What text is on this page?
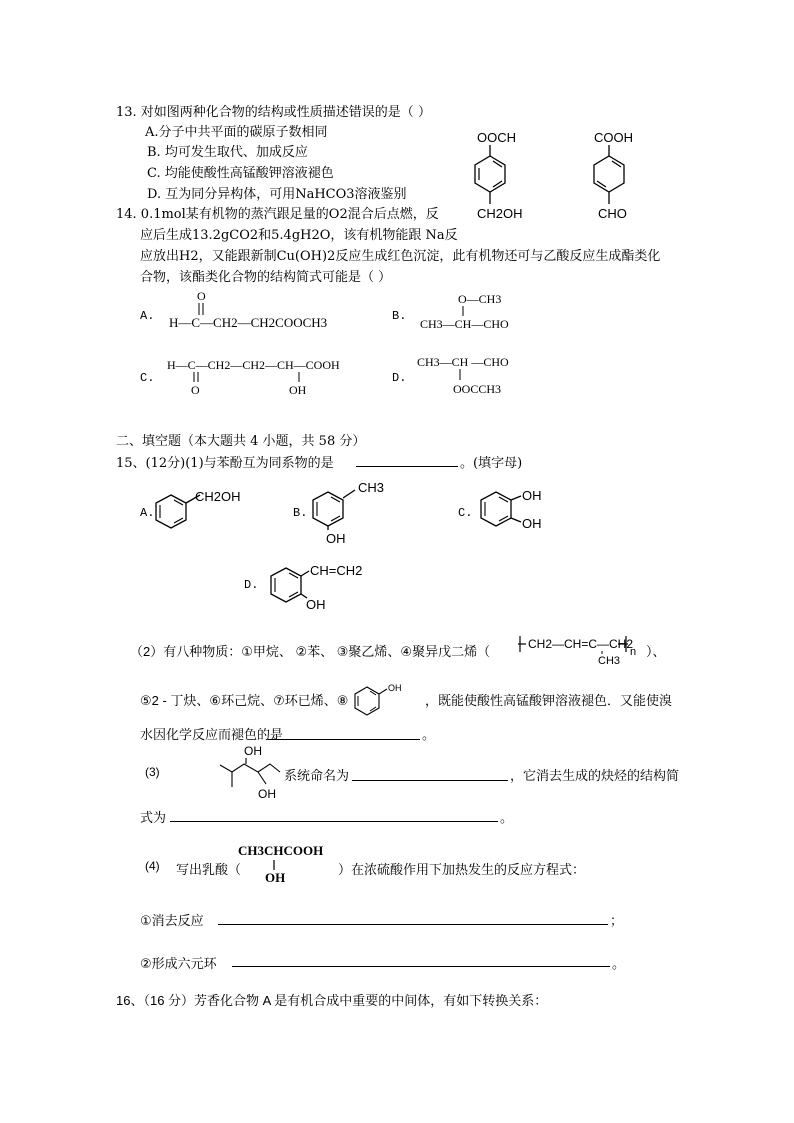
13. 对如图两种化合物的结构或性质描述错误的是（ ）
A.分子中共平面的碳原子数相同
B. 均可发生取代、加成反应
C. 均能使酸性高锰酸钾溶液褪色
D. 互为同分异构体，可用NaHCO3溶液鉴别
OOCH
CH2OH
COOH
CHO
14. 0.1mol某有机物的蒸汽跟足量的O2混合后点燃，反
应后生成13.2gCO2和5.4gH2O，该有机物能跟 Na反
应放出H2，又能跟新制Cu(OH)2反应生成红色沉淀，此有机物还可与乙酸反应生成酯类化
合物，该酯类化合物的结构简式可能是（ ）
A.
O
H—C—CH2—CH2COOCH3	B.
O—CH3
CH3—CH—CHO
C.
H—C—CH2—CH2—CH—COOH
O	OH
D.
CH3—CH —CHO
OOCCH3
二、填空题（本大题共 4 小题，共 58 分）
15、(12分)(1)与苯酚互为同系物的是	。(填字母)
A.
CH2OH
B.
CH3
OH
C.
OH
OH
D.
CH=CH2
OH
（2）有八种物质：①甲烷、 ②苯、 ③聚乙烯、④聚异戊二烯（	CH2—CH=C—CH2
n
CH3
）、
⑤2 - 丁炔、⑥环己烷、⑦环已烯、⑧
OH
，既能使酸性高锰酸钾溶液褪色．又能使溴
水因化学反应而褪色的是	。
(3)
OH
OH
系统命名为	，它消去生成的炔烃的结构简
式为	。
(4) 写出乳酸（
CH3CHCOOH
OH
）在浓硫酸作用下加热发生的反应方程式：
①消去反应	；
②形成六元环	。
16、（16 分）芳香化合物 A 是有机合成中重要的中间体，有如下转换关系：
